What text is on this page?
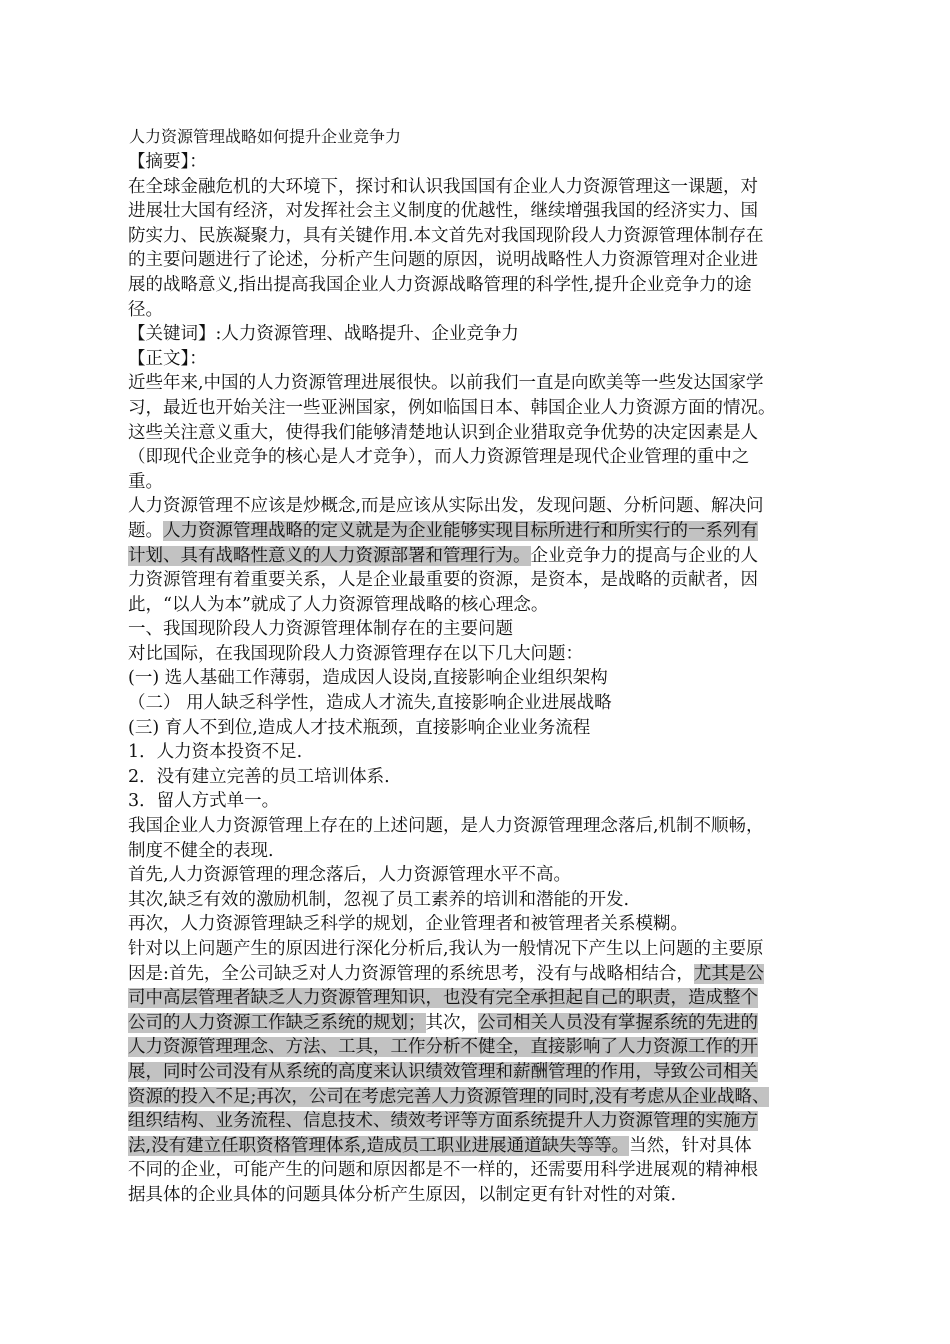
人力资源管理战略如何提升企业竞争力
【摘要】：
在全球金融危机的大环境下，探讨和认识我国国有企业人力资源管理这一课题，对
进展壮大国有经济，对发挥社会主义制度的优越性，继续增强我国的经济实力、国
防实力、民族凝聚力，具有关键作用.本文首先对我国现阶段人力资源管理体制存在
的主要问题进行了论述，分析产生问题的原因，说明战略性人力资源管理对企业进
展的战略意义,指出提高我国企业人力资源战略管理的科学性,提升企业竞争力的途
径。
【关键词】:人力资源管理、战略提升、企业竞争力
【正文】：
近些年来,中国的人力资源管理进展很快。以前我们一直是向欧美等一些发达国家学
习，最近也开始关注一些亚洲国家，例如临国日本、韩国企业人力资源方面的情况。
这些关注意义重大，使得我们能够清楚地认识到企业猎取竞争优势的决定因素是人
（即现代企业竞争的核心是人才竞争），而人力资源管理是现代企业管理的重中之
重。
人力资源管理不应该是炒概念,而是应该从实际出发，发现问题、分析问题、解决问
题。人力资源管理战略的定义就是为企业能够实现目标所进行和所实行的一系列有
计划、具有战略性意义的人力资源部署和管理行为。企业竞争力的提高与企业的人
力资源管理有着重要关系，人是企业最重要的资源，是资本，是战略的贡献者，因
此，“以人为本”就成了人力资源管理战略的核心理念。
一、我国现阶段人力资源管理体制存在的主要问题
对比国际，在我国现阶段人力资源管理存在以下几大问题：
(一) 选人基础工作薄弱，造成因人设岗,直接影响企业组织架构
（二） 用人缺乏科学性，造成人才流失,直接影响企业进展战略
(三) 育人不到位,造成人才技术瓶颈，直接影响企业业务流程
1．人力资本投资不足.
2．没有建立完善的员工培训体系.
3．留人方式单一。
我国企业人力资源管理上存在的上述问题，是人力资源管理理念落后,机制不顺畅，
制度不健全的表现.
首先,人力资源管理的理念落后，人力资源管理水平不高。
其次,缺乏有效的激励机制，忽视了员工素养的培训和潜能的开发.
再次，人力资源管理缺乏科学的规划，企业管理者和被管理者关系模糊。
针对以上问题产生的原因进行深化分析后,我认为一般情况下产生以上问题的主要原
因是:首先，全公司缺乏对人力资源管理的系统思考，没有与战略相结合，尤其是公
司中高层管理者缺乏人力资源管理知识，也没有完全承担起自己的职责，造成整个
公司的人力资源工作缺乏系统的规划；其次，公司相关人员没有掌握系统的先进的
人力资源管理理念、方法、工具，工作分析不健全，直接影响了人力资源工作的开
展，同时公司没有从系统的高度来认识绩效管理和薪酬管理的作用，导致公司相关
资源的投入不足;再次，公司在考虑完善人力资源管理的同时,没有考虑从企业战略、
组织结构、业务流程、信息技术、绩效考评等方面系统提升人力资源管理的实施方
法,没有建立任职资格管理体系,造成员工职业进展通道缺失等等。当然，针对具体
不同的企业，可能产生的问题和原因都是不一样的，还需要用科学进展观的精神根
据具体的企业具体的问题具体分析产生原因，以制定更有针对性的对策.
